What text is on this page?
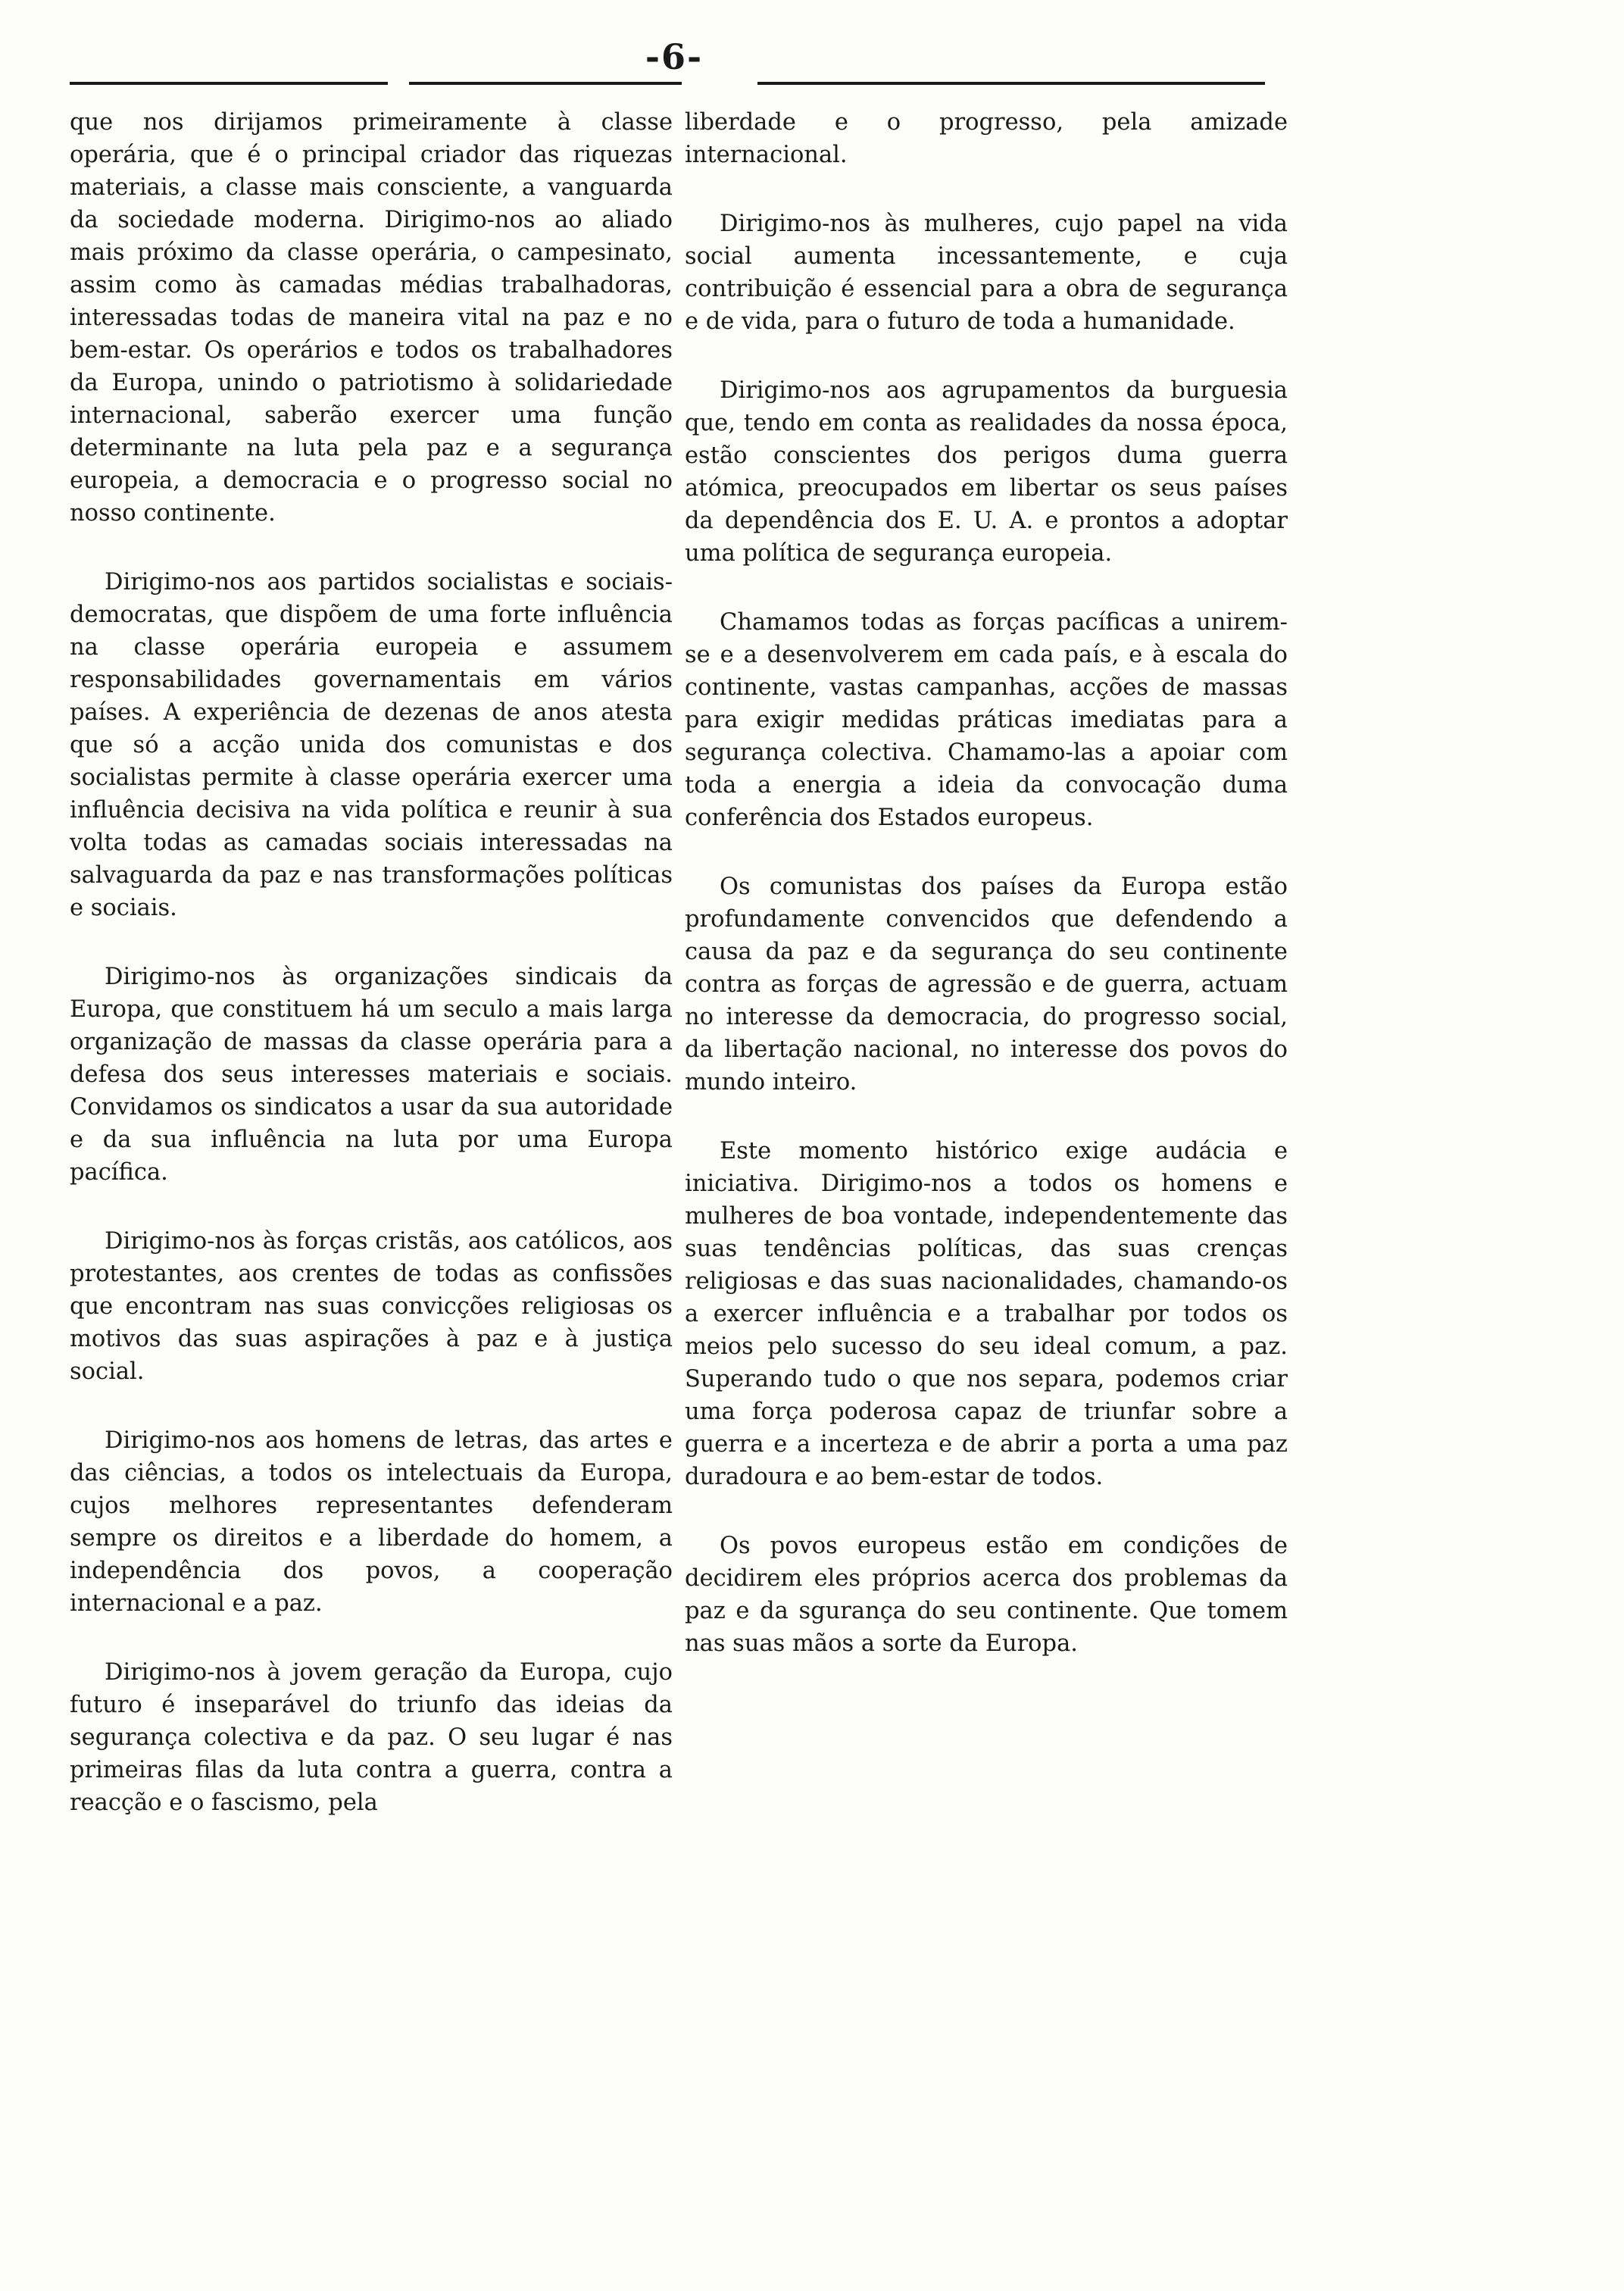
-6-

que nos dirijamos primeiramente à classe operária, que é o principal criador das riquezas materiais, a classe mais consciente, a vanguarda da sociedade moderna. Dirigimo-nos ao aliado mais próximo da classe operária, o campesinato, assim como às camadas médias trabalhadoras, interessadas todas de maneira vital na paz e no bem-estar. Os operários e todos os trabalhadores da Europa, unindo o patriotismo à solidariedade internacional, saberão exercer uma função determinante na luta pela paz e a segurança europeia, a democracia e o progresso social no nosso continente.

Dirigimo-nos aos partidos socialistas e sociais-democratas, que dispõem de uma forte influência na classe operária europeia e assumem responsabilidades governamentais em vários países. A experiência de dezenas de anos atesta que só a acção unida dos comunistas e dos socialistas permite à classe operária exercer uma influência decisiva na vida política e reunir à sua volta todas as camadas sociais interessadas na salvaguarda da paz e nas transformações políticas e sociais.

Dirigimo-nos às organizações sindicais da Europa, que constituem há um seculo a mais larga organização de massas da classe operária para a defesa dos seus interesses materiais e sociais. Convidamos os sindicatos a usar da sua autoridade e da sua influência na luta por uma Europa pacífica.

Dirigimo-nos às forças cristãs, aos católicos, aos protestantes, aos crentes de todas as confissões que encontram nas suas convicções religiosas os motivos das suas aspirações à paz e à justiça social.

Dirigimo-nos aos homens de letras, das artes e das ciências, a todos os intelectuais da Europa, cujos melhores representantes defenderam sempre os direitos e a liberdade do homem, a independência dos povos, a cooperação internacional e a paz.

Dirigimo-nos à jovem geração da Europa, cujo futuro é inseparável do triunfo das ideias da segurança colectiva e da paz. O seu lugar é nas primeiras filas da luta contra a guerra, contra a reacção e o fascismo, pela

liberdade e o progresso, pela amizade internacional.

Dirigimo-nos às mulheres, cujo papel na vida social aumenta incessantemente, e cuja contribuição é essencial para a obra de segurança e de vida, para o futuro de toda a humanidade.

Dirigimo-nos aos agrupamentos da burguesia que, tendo em conta as realidades da nossa época, estão conscientes dos perigos duma guerra atómica, preocupados em libertar os seus países da dependência dos E. U. A. e prontos a adoptar uma política de segurança europeia.

Chamamos todas as forças pacíficas a unirem-se e a desenvolverem em cada país, e à escala do continente, vastas campanhas, acções de massas para exigir medidas práticas imediatas para a segurança colectiva. Chamamo-las a apoiar com toda a energia a ideia da convocação duma conferência dos Estados europeus.

Os comunistas dos países da Europa estão profundamente convencidos que defendendo a causa da paz e da segurança do seu continente contra as forças de agressão e de guerra, actuam no interesse da democracia, do progresso social, da libertação nacional, no interesse dos povos do mundo inteiro.

Este momento histórico exige audácia e iniciativa. Dirigimo-nos a todos os homens e mulheres de boa vontade, independentemente das suas tendências políticas, das suas crenças religiosas e das suas nacionalidades, chamando-os a exercer influência e a trabalhar por todos os meios pelo sucesso do seu ideal comum, a paz. Superando tudo o que nos separa, podemos criar uma força poderosa capaz de triunfar sobre a guerra e a incerteza e de abrir a porta a uma paz duradoura e ao bem-estar de todos.

Os povos europeus estão em condições de decidirem eles próprios acerca dos problemas da paz e da sgurança do seu continente. Que tomem nas suas mãos a sorte da Europa.
